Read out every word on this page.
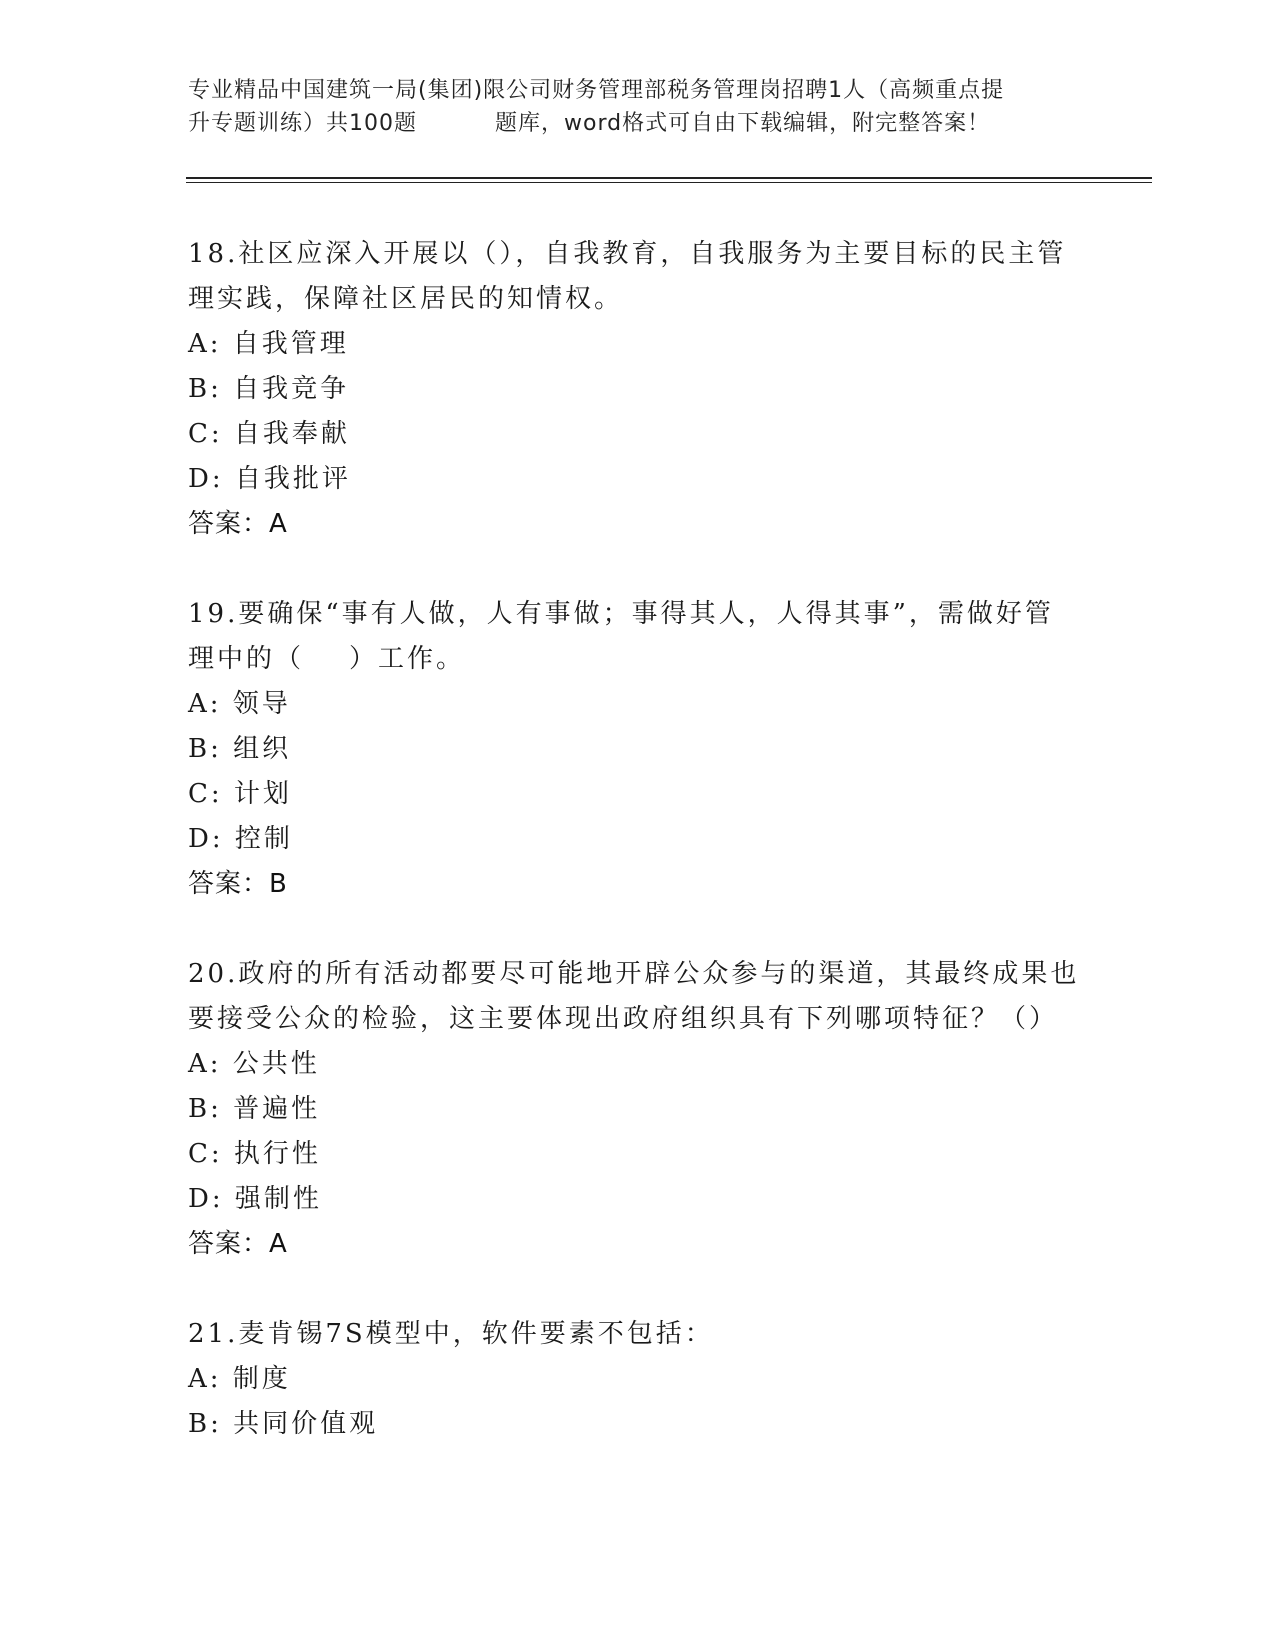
专业精品中国建筑一局(集团)限公司财务管理部税务管理岗招聘1人（高频重点提
升专题训练）共100题	题库，word格式可自由下载编辑，附完整答案！
18.社区应深入开展以（），自我教育，自我服务为主要目标的民主管
理实践，保障社区居民的知情权。
A: 自我管理
B: 自我竞争
C: 自我奉献
D: 自我批评
答案：A
19.要确保“事有人做，人有事做；事得其人，人得其事”，需做好管
理中的（    ）工作。
A: 领导
B: 组织
C: 计划
D: 控制
答案：B
20.政府的所有活动都要尽可能地开辟公众参与的渠道，其最终成果也
要接受公众的检验，这主要体现出政府组织具有下列哪项特征？（）
A: 公共性
B: 普遍性
C: 执行性
D: 强制性
答案：A
21.麦肯锡7S模型中，软件要素不包括：
A: 制度
B: 共同价值观
